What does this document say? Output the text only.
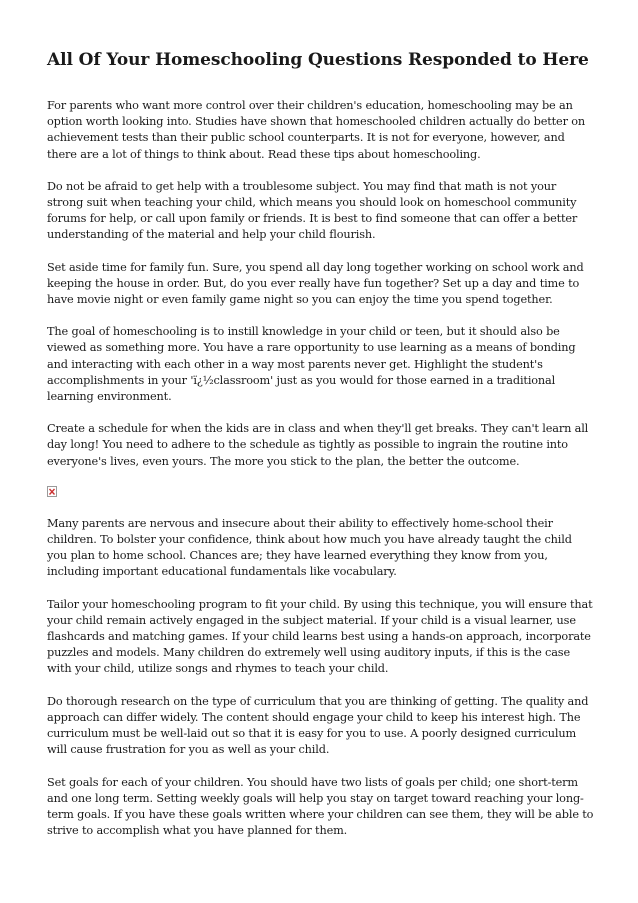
All Of Your Homeschooling Questions Responded to Here

For parents who want more control over their children's education, homeschooling may be an option worth looking into. Studies have shown that homeschooled children actually do better on achievement tests than their public school counterparts. It is not for everyone, however, and there are a lot of things to think about. Read these tips about homeschooling.

Do not be afraid to get help with a troublesome subject. You may find that math is not your strong suit when teaching your child, which means you should look on homeschool community forums for help, or call upon family or friends. It is best to find someone that can offer a better understanding of the material and help your child flourish.

Set aside time for family fun. Sure, you spend all day long together working on school work and keeping the house in order. But, do you ever really have fun together? Set up a day and time to have movie night or even family game night so you can enjoy the time you spend together.

The goal of homeschooling is to instill knowledge in your child or teen, but it should also be viewed as something more. You have a rare opportunity to use learning as a means of bonding and interacting with each other in a way most parents never get. Highlight the student's accomplishments in your 'ï¿½classroom' just as you would for those earned in a traditional learning environment.

Create a schedule for when the kids are in class and when they'll get breaks. They can't learn all day long! You need to adhere to the schedule as tightly as possible to ingrain the routine into everyone's lives, even yours. The more you stick to the plan, the better the outcome.

Many parents are nervous and insecure about their ability to effectively home-school their children. To bolster your confidence, think about how much you have already taught the child you plan to home school. Chances are; they have learned everything they know from you, including important educational fundamentals like vocabulary.

Tailor your homeschooling program to fit your child. By using this technique, you will ensure that your child remain actively engaged in the subject material. If your child is a visual learner, use flashcards and matching games. If your child learns best using a hands-on approach, incorporate puzzles and models. Many children do extremely well using auditory inputs, if this is the case with your child, utilize songs and rhymes to teach your child.

Do thorough research on the type of curriculum that you are thinking of getting. The quality and approach can differ widely. The content should engage your child to keep his interest high. The curriculum must be well-laid out so that it is easy for you to use. A poorly designed curriculum will cause frustration for you as well as your child.

Set goals for each of your children. You should have two lists of goals per child; one short-term and one long term. Setting weekly goals will help you stay on target toward reaching your long-term goals. If you have these goals written where your children can see them, they will be able to strive to accomplish what you have planned for them.
